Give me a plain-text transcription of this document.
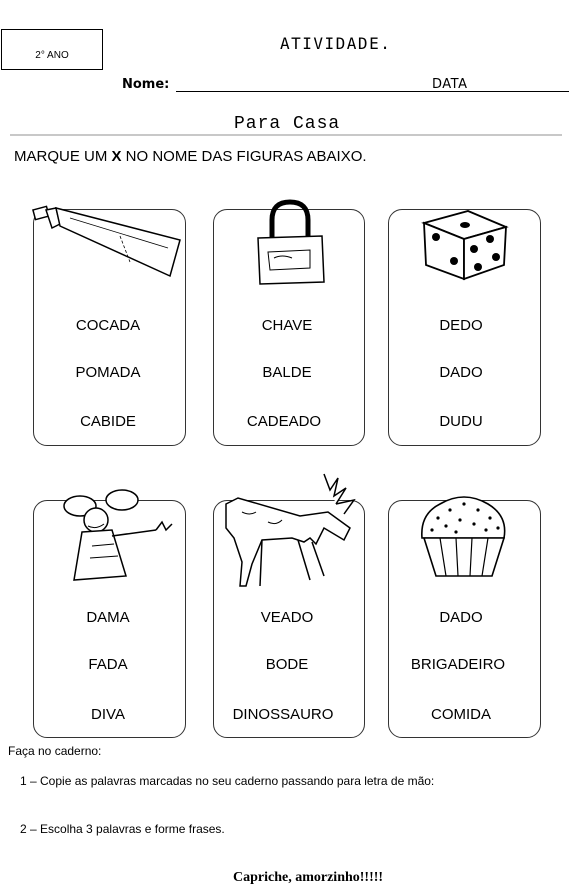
2° ANO
ATIVIDADE.
Nome:	DATA
Para Casa
MARQUE UM X NO NOME DAS FIGURAS ABAIXO.
COCADA
POMADA
CABIDE
CHAVE
BALDE
CADEADO
DEDO
DADO
DUDU
DAMA
FADA
DIVA
VEADO
BODE
DINOSSAURO
DADO
BRIGADEIRO
COMIDA
Faça no caderno:
1 – Copie as palavras marcadas no seu caderno passando para letra de mão:
2 – Escolha 3 palavras e forme frases.
Capriche, amorzinho!!!!!
